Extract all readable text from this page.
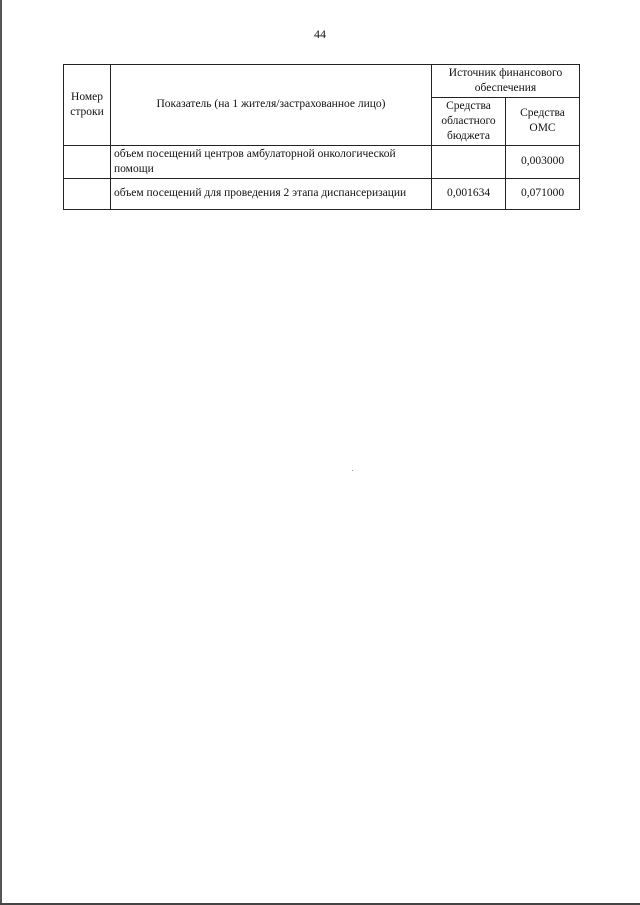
44
Номер строки	Показатель (на 1 жителя/застрахованное лицо)	Источник финансового обеспечения	
		Средства областного бюджета	Средства ОМС
	объем посещений центров амбулаторной онкологической помощи		0,003000
	объем посещений для проведения 2 этапа диспансеризации	0,001634	0,071000
